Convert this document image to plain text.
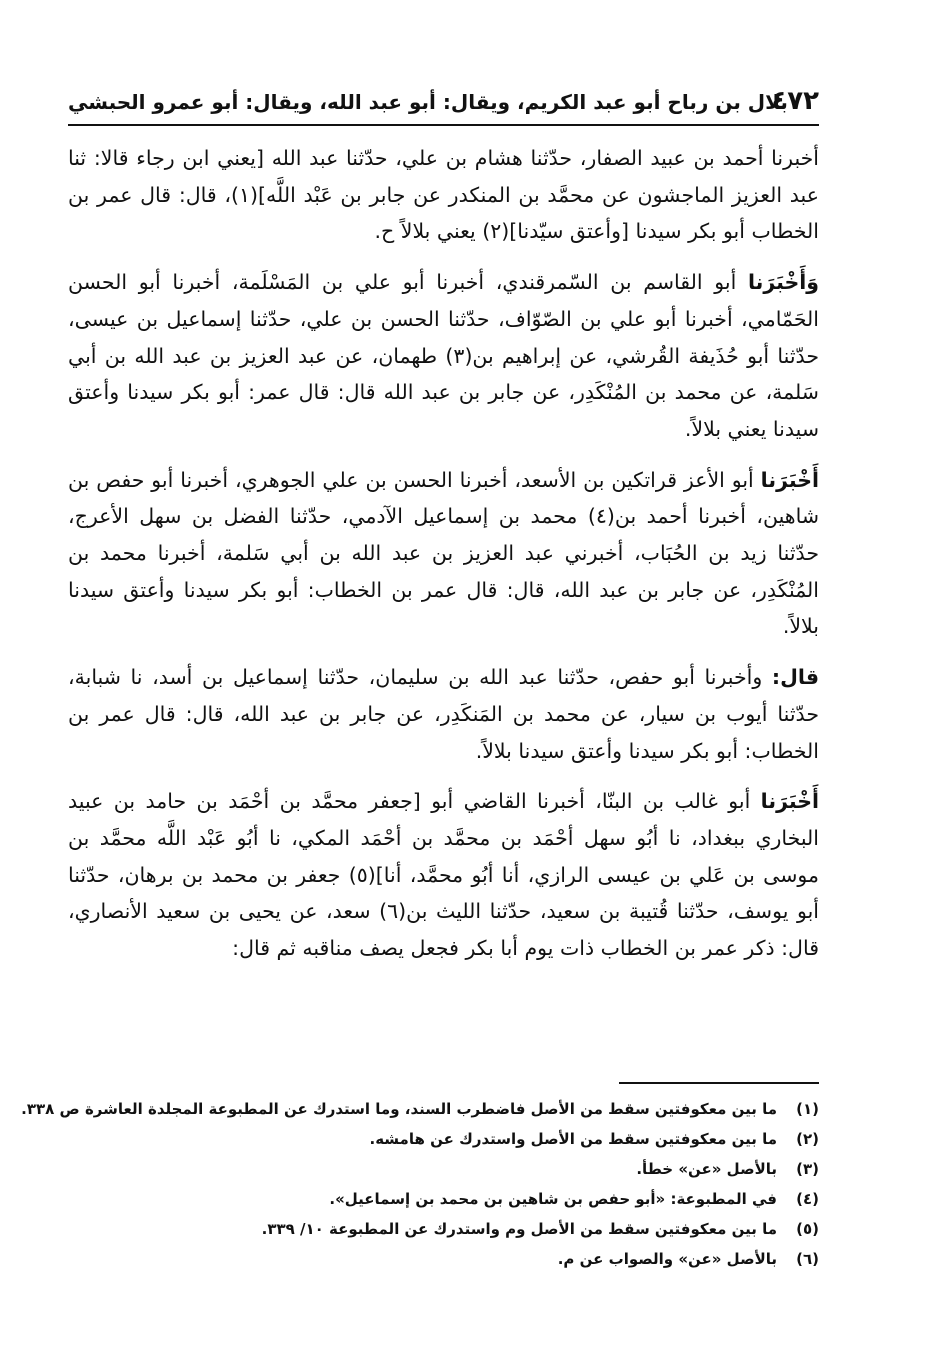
٤٧٢
بلال بن رباح أبو عبد الكريم، ويقال: أبو عبد الله، ويقال: أبو عمرو الحبشي

أخبرنا أحمد بن عبيد الصفار، حدّثنا هشام بن علي، حدّثنا عبد الله [يعني ابن رجاء قالا: ثنا عبد العزيز الماجشون عن محمَّد بن المنكدر عن جابر بن عَبْد اللَّه](١)، قال: قال عمر بن الخطاب أبو بكر سيدنا [وأعتق سيّدنا](٢) يعني بلالاً ح.

وَأَخْبَرَنا أبو القاسم بن السّمرقندي، أخبرنا أبو علي بن المَسْلَمة، أخبرنا أبو الحسن الحَمّامي، أخبرنا أبو علي بن الصّوّاف، حدّثنا الحسن بن علي، حدّثنا إسماعيل بن عيسى، حدّثنا أبو حُذَيفة القُرشي، عن إبراهيم بن(٣) طهمان، عن عبد العزيز بن عبد الله بن أبي سَلمة، عن محمد بن المُنْكَدِر، عن جابر بن عبد الله قال: قال عمر: أبو بكر سيدنا وأعتق سيدنا يعني بلالاً.

أَخْبَرَنا أبو الأعز قراتكين بن الأسعد، أخبرنا الحسن بن علي الجوهري، أخبرنا أبو حفص بن شاهين، أخبرنا أحمد بن(٤) محمد بن إسماعيل الآدمي، حدّثنا الفضل بن سهل الأعرج، حدّثنا زيد بن الحُبَاب، أخبرني عبد العزيز بن عبد الله بن أبي سَلمة، أخبرنا محمد بن المُنْكَدِر، عن جابر بن عبد الله، قال: قال عمر بن الخطاب: أبو بكر سيدنا وأعتق سيدنا بلالاً.

قال: وأخبرنا أبو حفص، حدّثنا عبد الله بن سليمان، حدّثنا إسماعيل بن أسد، نا شبابة، حدّثنا أيوب بن سيار، عن محمد بن المَنكَدِر، عن جابر بن عبد الله، قال: قال عمر بن الخطاب: أبو بكر سيدنا وأعتق سيدنا بلالاً.

أَخْبَرَنا أبو غالب بن البنّا، أخبرنا القاضي أبو [جعفر محمَّد بن أحْمَد بن حامد بن عبيد البخاري ببغداد، نا أبُو سهل أحْمَد بن محمَّد بن أحْمَد المكي، نا أبُو عَبْد اللَّه محمَّد بن موسى بن عَلي بن عيسى الرازي، أنا أبُو محمَّد، أنا](٥) جعفر بن محمد بن برهان، حدّثنا أبو يوسف، حدّثنا قُتيبة بن سعيد، حدّثنا الليث بن(٦) سعد، عن يحيى بن سعيد الأنصاري، قال: ذكر عمر بن الخطاب ذات يوم أبا بكر فجعل يصف مناقبه ثم قال:

(١)
ما بين معكوفتين سقط من الأصل فاضطرب السند، وما استدرك عن المطبوعة المجلدة العاشرة ص ٣٣٨.
(٢)
ما بين معكوفتين سقط من الأصل واستدرك عن هامشه.
(٣)
بالأصل «عن» خطأ.
(٤)
في المطبوعة: «أبو حفص بن شاهين بن محمد بن إسماعيل».
(٥)
ما بين معكوفتين سقط من الأصل وم واستدرك عن المطبوعة ١٠/ ٣٣٩.
(٦)
بالأصل «عن» والصواب عن م.
